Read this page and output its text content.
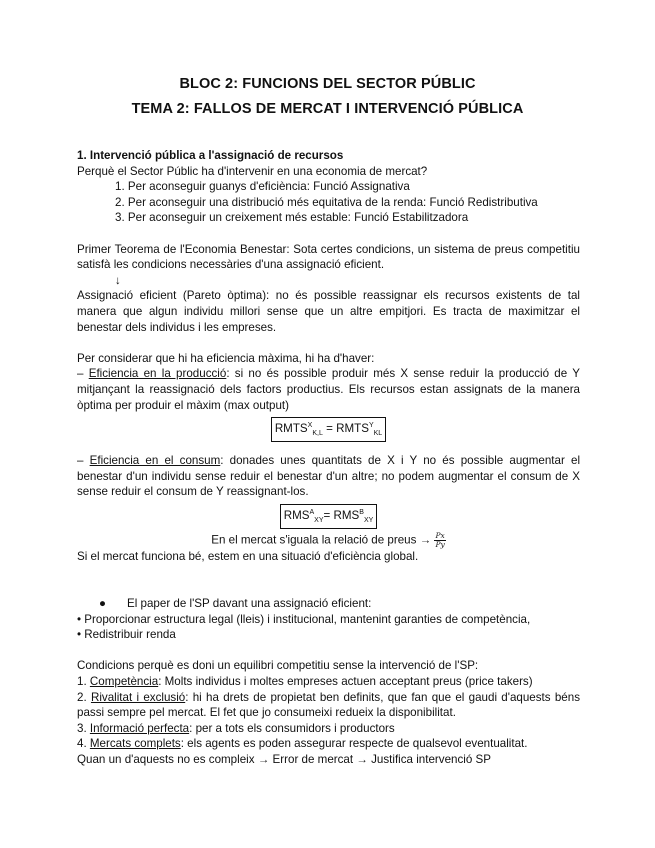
BLOC 2: FUNCIONS DEL SECTOR PÚBLIC
TEMA 2: FALLOS DE MERCAT I INTERVENCIÓ PÚBLICA

1. Intervenció pública a l'assignació de recursos

Perquè el Sector Públic ha d'intervenir en una economia de mercat?

1. Per aconseguir guanys d'eficiència: Funció Assignativa
2. Per aconseguir una distribució més equitativa de la renda: Funció Redistributiva
3. Per aconseguir un creixement més estable: Funció Estabilitzadora

Primer Teorema de l'Economia Benestar: Sota certes condicions, un sistema de preus competitiu satisfà les condicions necessàries d'una assignació eficient.

↓

Assignació eficient (Pareto òptima): no és possible reassignar els recursos existents de tal manera que algun individu millori sense que un altre empitjori. Es tracta de maximitzar el benestar dels individus i les empreses.

Per considerar que hi ha eficiencia màxima, hi ha d'haver:

– Eficiencia en la producció: si no és possible produir més X sense reduir la producció de Y mitjançant la reassignació dels factors productius. Els recursos estan assignats de la manera òptima per produir el màxim (max output)

$RMTS^X_{K,L}$ = $RMTS^Y_{KL}$

– Eficiencia en el consum: donades unes quantitats de X i Y no és possible augmentar el benestar d'un individu sense reduir el benestar d'un altre; no podem augmentar el consum de X sense reduir el consum de Y reassignant-los.

$RMS^A_{XY}= RMS^B_{XY}$

En el mercat s'iguala la relació de preus → $\frac{Px}{Py}$

Si el mercat funciona bé, estem en una situació d'eficiència global.

● El paper de l'SP davant una assignació eficient:

• Proporcionar estructura legal (lleis) i institucional, mantenint garanties de competència,
• Redistribuir renda

Condicions perquè es doni un equilibri competitiu sense la intervenció de l'SP:

1. Competència: Molts individus i moltes empreses actuen acceptant preus (price takers)

2. Rivalitat i exclusió: hi ha drets de propietat ben definits, que fan que el gaudi d'aquests béns passi sempre pel mercat. El fet que jo consumeixi redueix la disponibilitat.

3. Informació perfecta: per a tots els consumidors i productors

4. Mercats complets: els agents es poden assegurar respecte de qualsevol eventualitat.

Quan un d'aquests no es compleix → Error de mercat → Justifica intervenció SP
